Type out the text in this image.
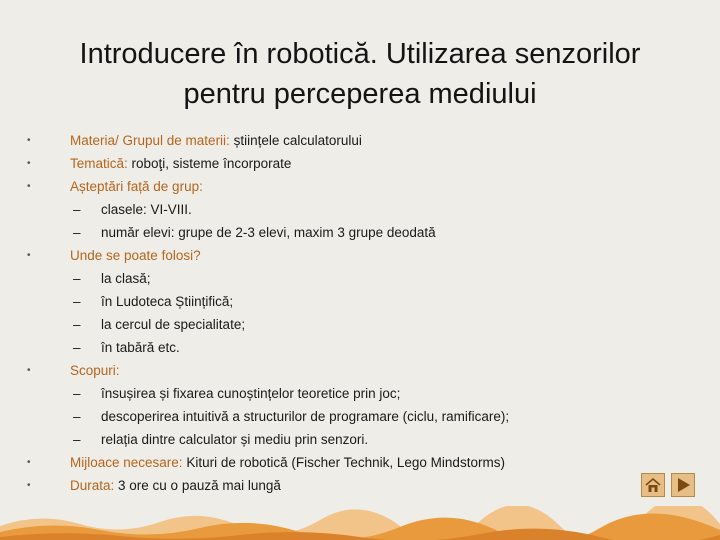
Introducere în robotică. Utilizarea senzorilor
pentru perceperea mediului
•	Materia/ Grupul de materii: științele calculatorului
•	Tematică: roboţi, sisteme încorporate
•	Așteptări față de grup:
– clasele: VI-VIII.
– număr elevi: grupe de 2-3 elevi, maxim 3 grupe deodată
•	Unde se poate folosi?
– la clasă;
– în Ludoteca Științifică;
– la cercul de specialitate;
– în tabără etc.
•	Scopuri:
– însușirea și fixarea cunoștințelor teoretice prin joc;
– descoperirea intuitivă a structurilor de programare (ciclu, ramificare);
– relația dintre calculator și mediu prin senzori.
•	Mijloace necesare: Kituri de robotică (Fischer Technik, Lego Mindstorms)
•	Durata: 3 ore cu o pauză mai lungă
